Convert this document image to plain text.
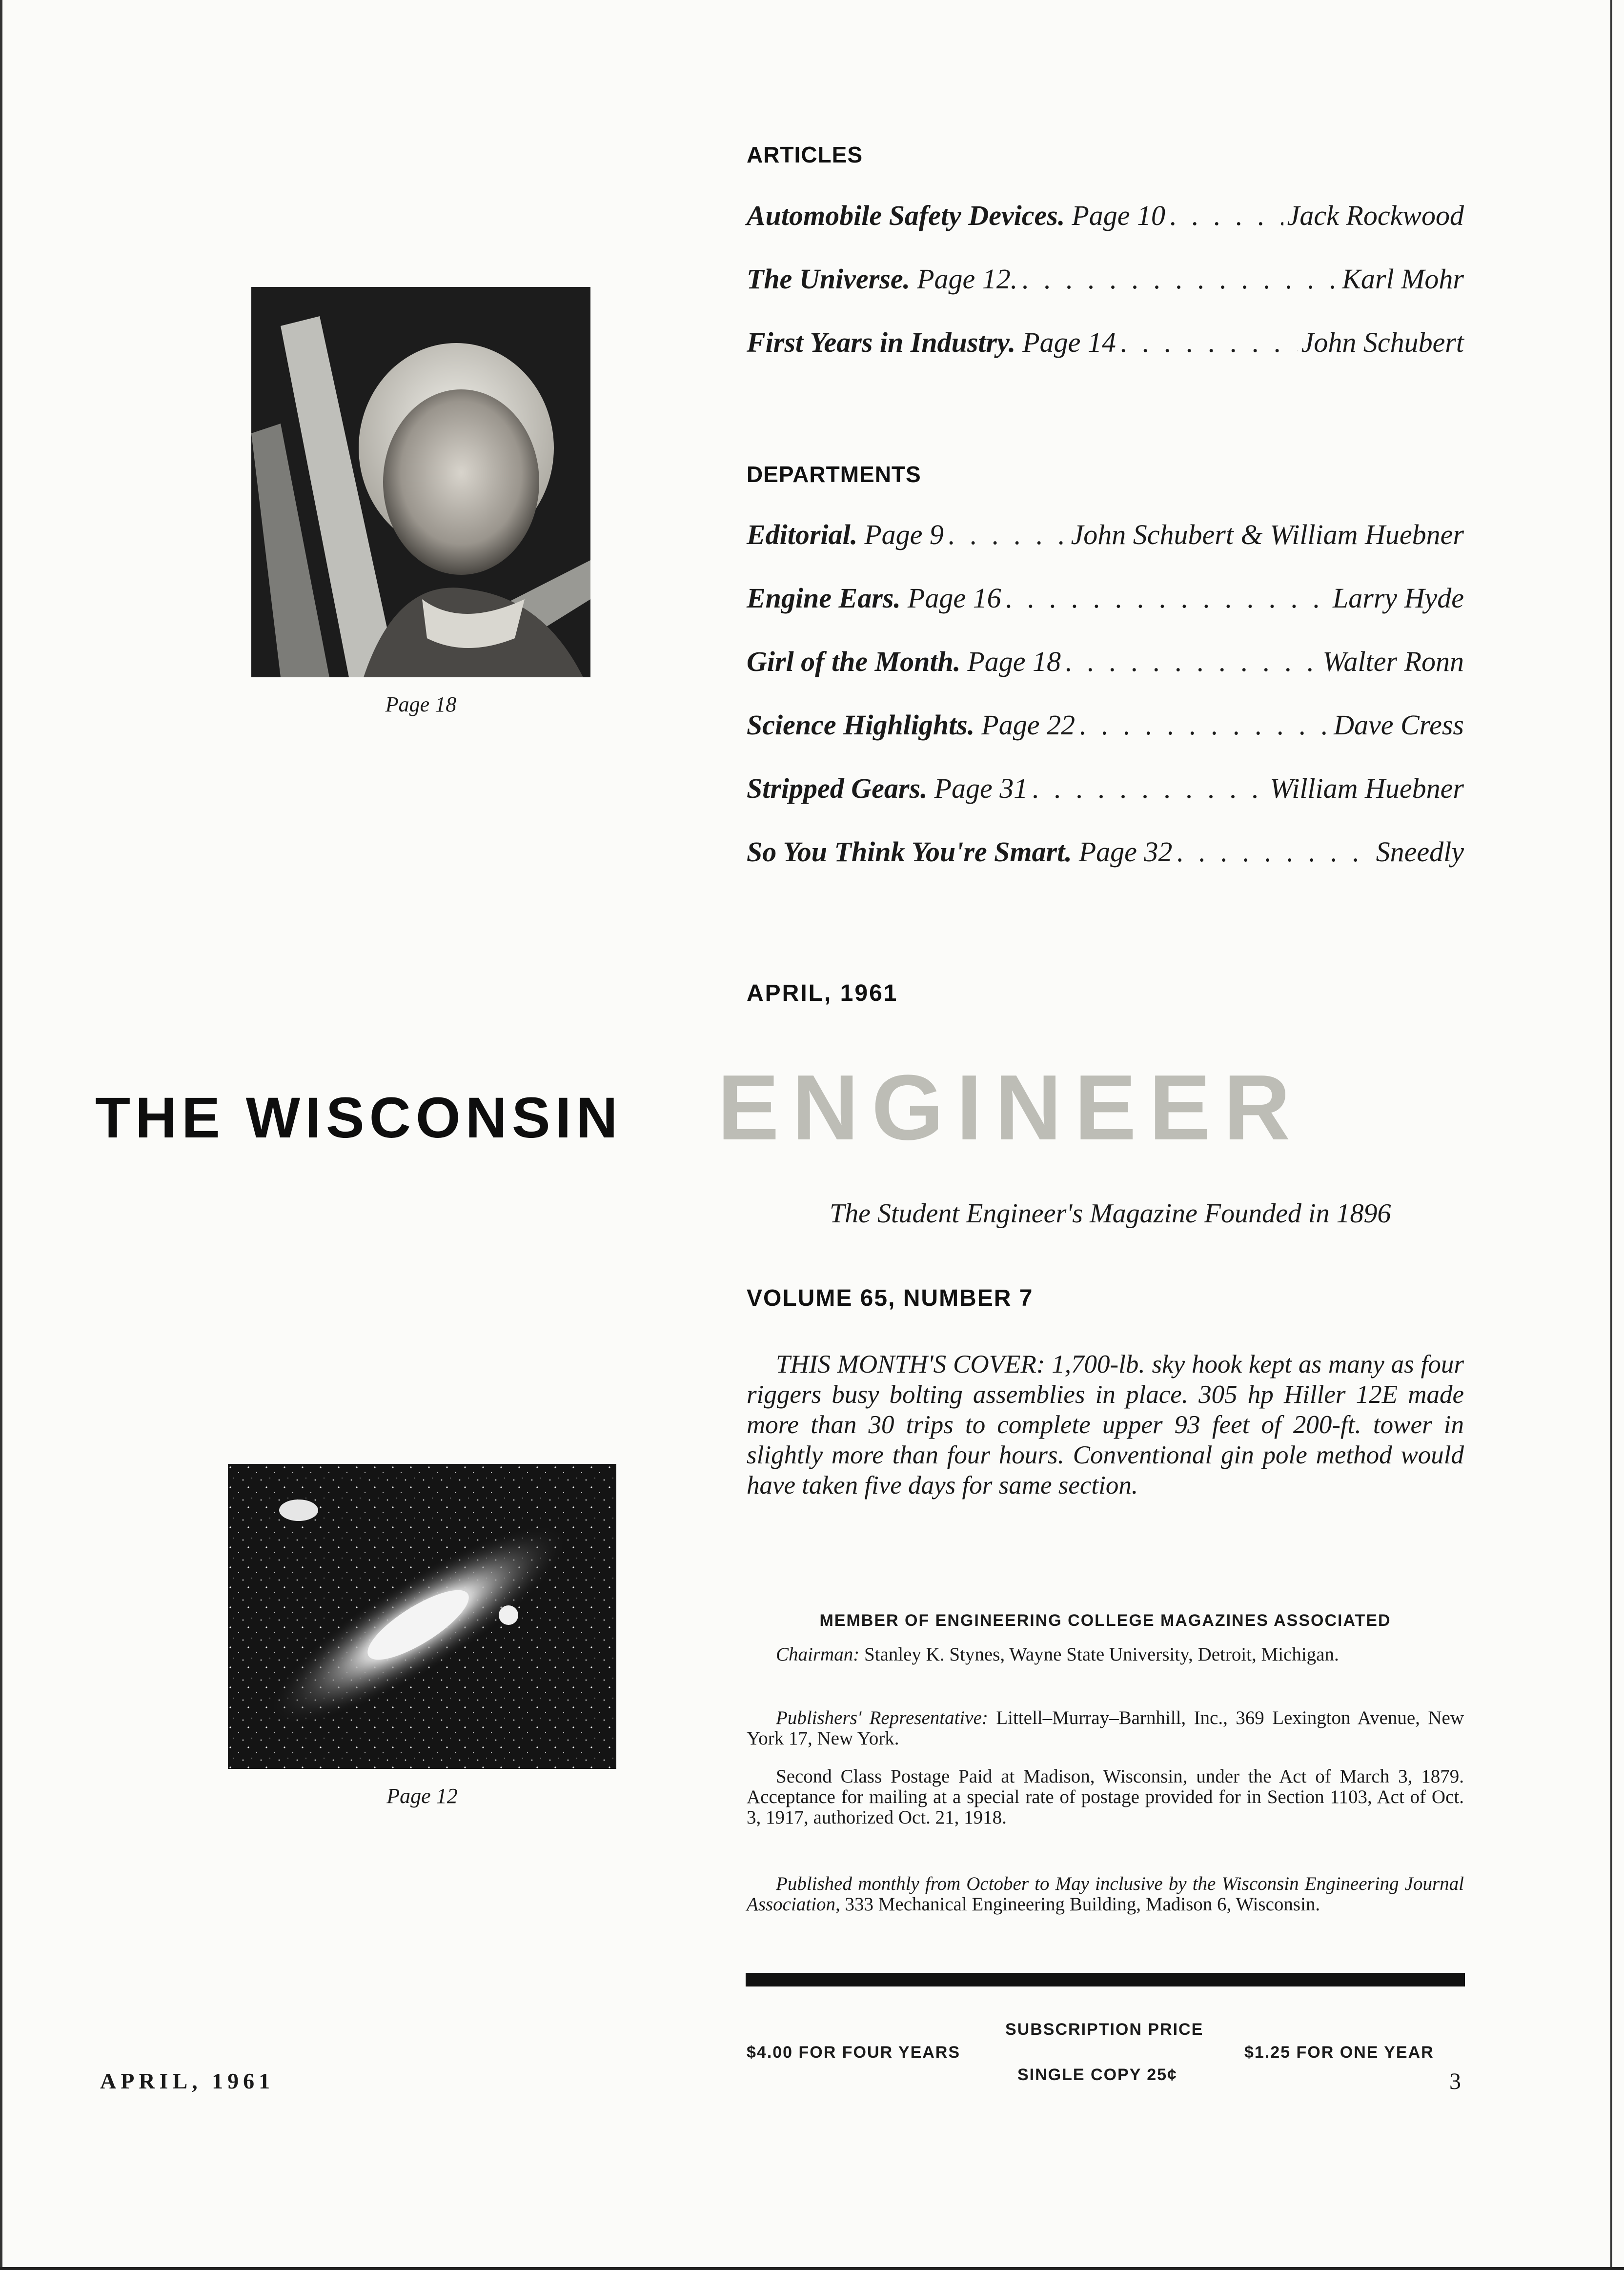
ARTICLES
Automobile Safety Devices. Page 10 . . .	Jack Rockwood
The Universe. Page 12. . . .	Karl Mohr
First Years in Industry. Page 14 . . .	John Schubert
DEPARTMENTS
Editorial. Page 9 . . .	John Schubert & William Huebner
Engine Ears. Page 16 . . .	Larry Hyde
Girl of the Month. Page 18 . . .	Walter Ronn
Science Highlights. Page 22 . . .	Dave Cress
Stripped Gears. Page 31 . . .	William Huebner
So You Think You're Smart. Page 32 . . .	Sneedly
Page 18
APRIL, 1961
THE WISCONSIN ENGINEER
The Student Engineer's Magazine Founded in 1896
VOLUME 65, NUMBER 7
THIS MONTH'S COVER: 1,700-lb. sky hook kept as many as four riggers busy bolting assemblies in place. 305 hp Hiller 12E made more than 30 trips to complete upper 93 feet of 200-ft. tower in slightly more than four hours. Conventional gin pole method would have taken five days for same section.
Page 12
MEMBER OF ENGINEERING COLLEGE MAGAZINES ASSOCIATED
Chairman: Stanley K. Stynes, Wayne State University, Detroit, Michigan.
Publishers' Representative: Littell–Murray–Barnhill, Inc., 369 Lexington Avenue, New York 17, New York.
Second Class Postage Paid at Madison, Wisconsin, under the Act of March 3, 1879. Acceptance for mailing at a special rate of postage provided for in Section 1103, Act of Oct. 3, 1917, authorized Oct. 21, 1918.
Published monthly from October to May inclusive by the Wisconsin Engineering Journal Association, 333 Mechanical Engineering Building, Madison 6, Wisconsin.
SUBSCRIPTION PRICE
$4.00 FOR FOUR YEARS	$1.25 FOR ONE YEAR
SINGLE COPY 25¢
APRIL, 1961	3
